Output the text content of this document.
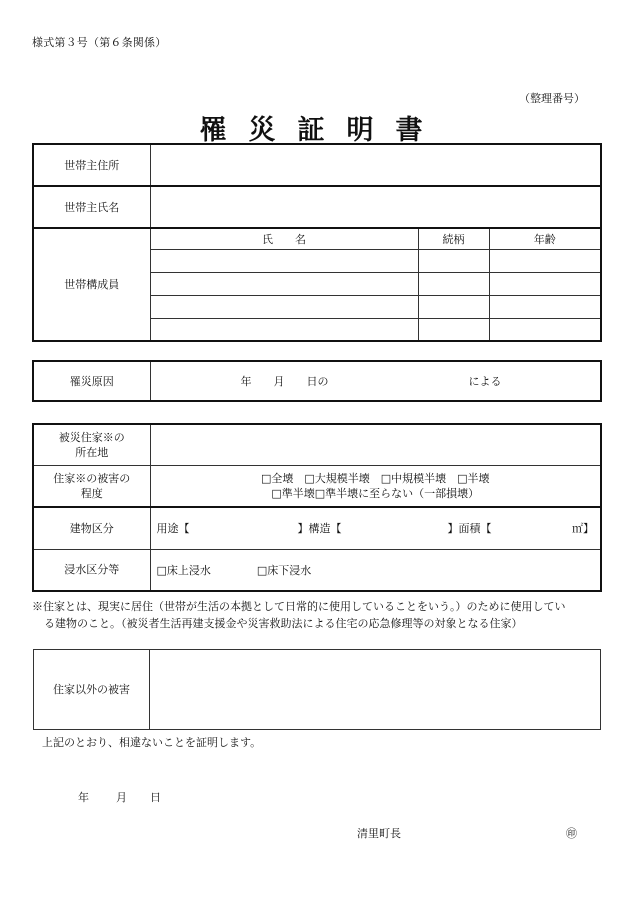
様式第３号（第６条関係）
（整理番号）
罹災証明書
世帯主住所			
世帯主氏名			
世帯構成員	氏　　名	続柄	年齢

罹災原因	年　　月　　日の	による
被災住家※の
所在地	
住家※の被害の
程度	□全壊　□大規模半壊　□中規模半壊　□半壊
□準半壊□準半壊に至らない（一部損壊）
建物区分	用途【 】構造【 】面積【 ㎡】

浸水区分等	□床上浸水 □床下浸水
※住家とは、現実に居住（世帯が生活の本拠として日常的に使用していることをいう。）のために使用してい
る建物のこと。（被災者生活再建支援金や災害救助法による住宅の応急修理等の対象となる住家）
住家以外の被害	
上記のとおり、相違ないことを証明します。
年 月 日
清里町長	㊞
